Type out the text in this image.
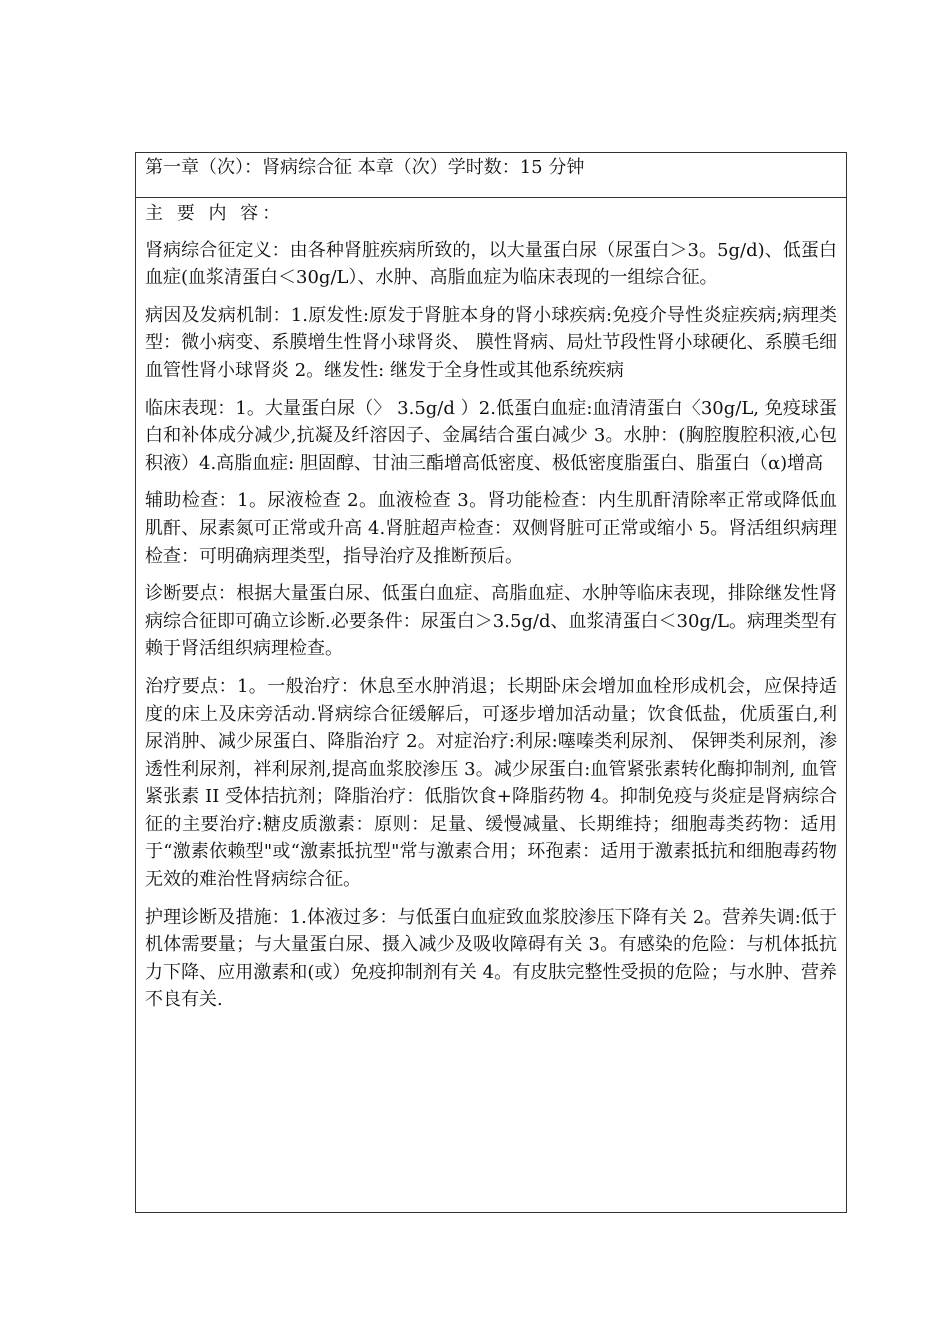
第一章（次）：肾病综合征 本章（次）学时数：15 分钟

主 要 内 容：

肾病综合征定义：由各种肾脏疾病所致的，以大量蛋白尿（尿蛋白＞3。5g/d)、低蛋白血症(血浆清蛋白＜30g/L）、水肿、高脂血症为临床表现的一组综合征。

病因及发病机制：1.原发性:原发于肾脏本身的肾小球疾病:免疫介导性炎症疾病;病理类型：微小病变、系膜增生性肾小球肾炎、 膜性肾病、局灶节段性肾小球硬化、系膜毛细血管性肾小球肾炎 2。继发性: 继发于全身性或其他系统疾病

临床表现：1。大量蛋白尿（〉 3.5g/d ）2.低蛋白血症:血清清蛋白〈30g/L, 免疫球蛋白和补体成分减少,抗凝及纤溶因子、金属结合蛋白减少 3。水肿：(胸腔腹腔积液,心包积液）4.高脂血症: 胆固醇、甘油三酯增高低密度、极低密度脂蛋白、脂蛋白（α)增高

辅助检查：1。尿液检查 2。血液检查 3。肾功能检查：内生肌酐清除率正常或降低血肌酐、尿素氮可正常或升高 4.肾脏超声检查：双侧肾脏可正常或缩小 5。肾活组织病理检查：可明确病理类型，指导治疗及推断预后。

诊断要点：根据大量蛋白尿、低蛋白血症、高脂血症、水肿等临床表现，排除继发性肾病综合征即可确立诊断.必要条件：尿蛋白＞3.5g/d、血浆清蛋白＜30g/L。病理类型有赖于肾活组织病理检查。

治疗要点：1。一般治疗：休息至水肿消退；长期卧床会增加血栓形成机会，应保持适度的床上及床旁活动.肾病综合征缓解后，可逐步增加活动量；饮食低盐，优质蛋白,利尿消肿、减少尿蛋白、降脂治疗 2。对症治疗:利尿:噻嗪类利尿剂、 保钾类利尿剂，渗透性利尿剂，袢利尿剂,提高血浆胶渗压 3。减少尿蛋白:血管紧张素转化酶抑制剂, 血管紧张素 II 受体拮抗剂；降脂治疗：低脂饮食+降脂药物 4。抑制免疫与炎症是肾病综合征的主要治疗:糖皮质激素：原则：足量、缓慢减量、长期维持；细胞毒类药物：适用于“激素依赖型"或“激素抵抗型"常与激素合用；环孢素：适用于激素抵抗和细胞毒药物无效的难治性肾病综合征。

护理诊断及措施：1.体液过多：与低蛋白血症致血浆胶渗压下降有关 2。营养失调:低于机体需要量；与大量蛋白尿、摄入减少及吸收障碍有关 3。有感染的危险：与机体抵抗力下降、应用激素和(或）免疫抑制剂有关 4。有皮肤完整性受损的危险；与水肿、营养不良有关.
